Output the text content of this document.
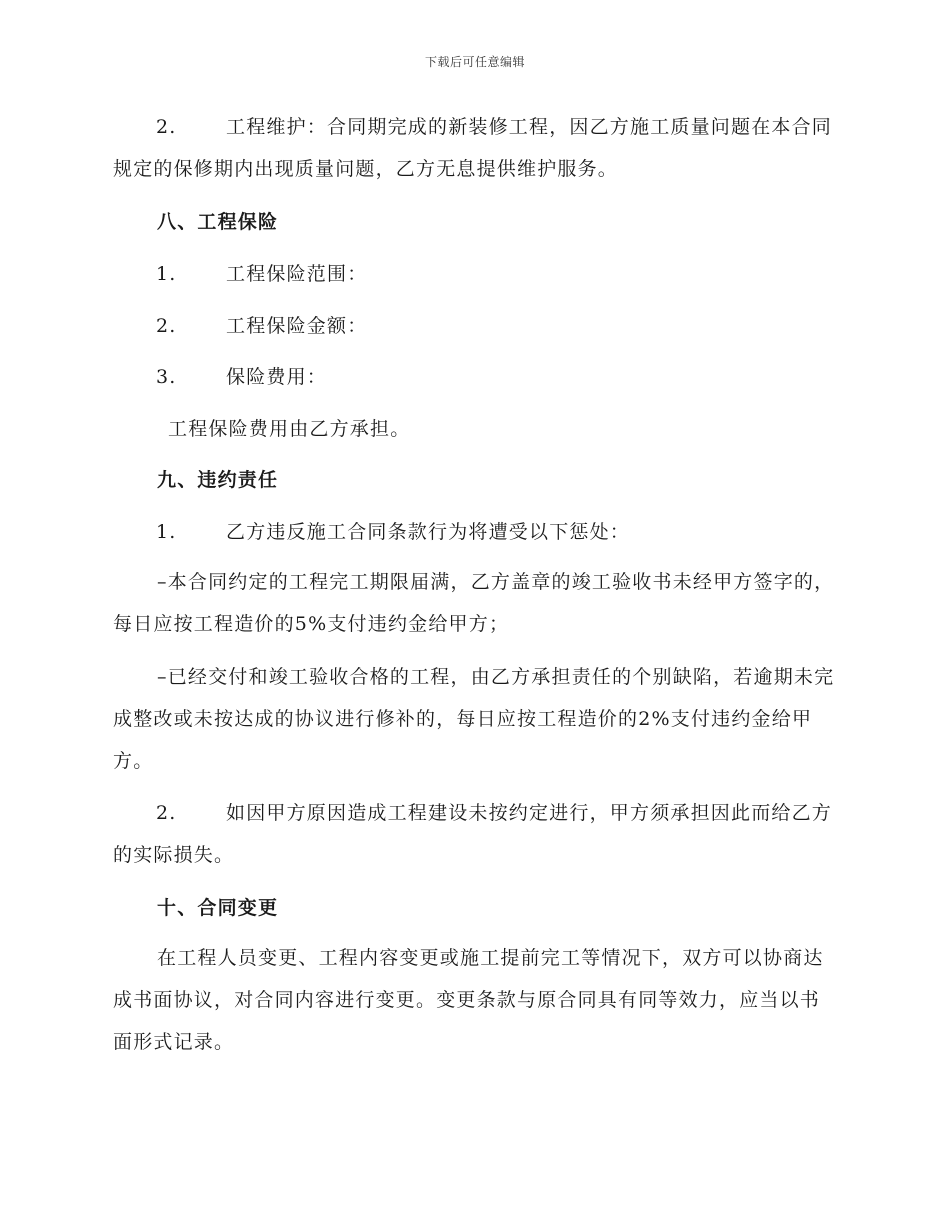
下载后可任意编辑
2.	工程维护：合同期完成的新装修工程，因乙方施工质量问题在本合同规定的保修期内出现质量问题，乙方无息提供维护服务。
八、工程保险
1.	工程保险范围：
2.	工程保险金额：
3.	保险费用：
工程保险费用由乙方承担。
九、违约责任
1.	乙方违反施工合同条款行为将遭受以下惩处：
–本合同约定的工程完工期限届满，乙方盖章的竣工验收书未经甲方签字的，每日应按工程造价的5%支付违约金给甲方；
–已经交付和竣工验收合格的工程，由乙方承担责任的个别缺陷，若逾期未完成整改或未按达成的协议进行修补的，每日应按工程造价的2%支付违约金给甲方。
2.	如因甲方原因造成工程建设未按约定进行，甲方须承担因此而给乙方的实际损失。
十、合同变更
在工程人员变更、工程内容变更或施工提前完工等情况下，双方可以协商达成书面协议，对合同内容进行变更。变更条款与原合同具有同等效力，应当以书面形式记录。
